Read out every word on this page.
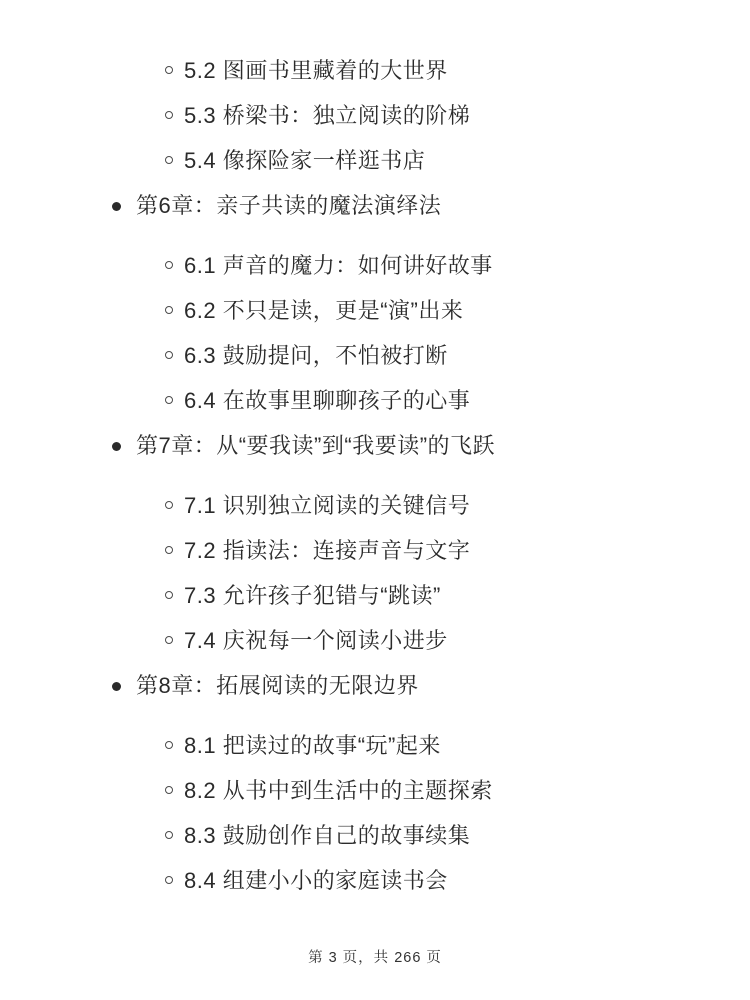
5.2 图画书里藏着的大世界
5.3 桥梁书：独立阅读的阶梯
5.4 像探险家一样逛书店
第6章：亲子共读的魔法演绎法
6.1 声音的魔力：如何讲好故事
6.2 不只是读，更是“演”出来
6.3 鼓励提问，不怕被打断
6.4 在故事里聊聊孩子的心事
第7章：从“要我读”到“我要读”的飞跃
7.1 识别独立阅读的关键信号
7.2 指读法：连接声音与文字
7.3 允许孩子犯错与“跳读”
7.4 庆祝每一个阅读小进步
第8章：拓展阅读的无限边界
8.1 把读过的故事“玩”起来
8.2 从书中到生活中的主题探索
8.3 鼓励创作自己的故事续集
8.4 组建小小的家庭读书会
第 3 页，共 266 页
